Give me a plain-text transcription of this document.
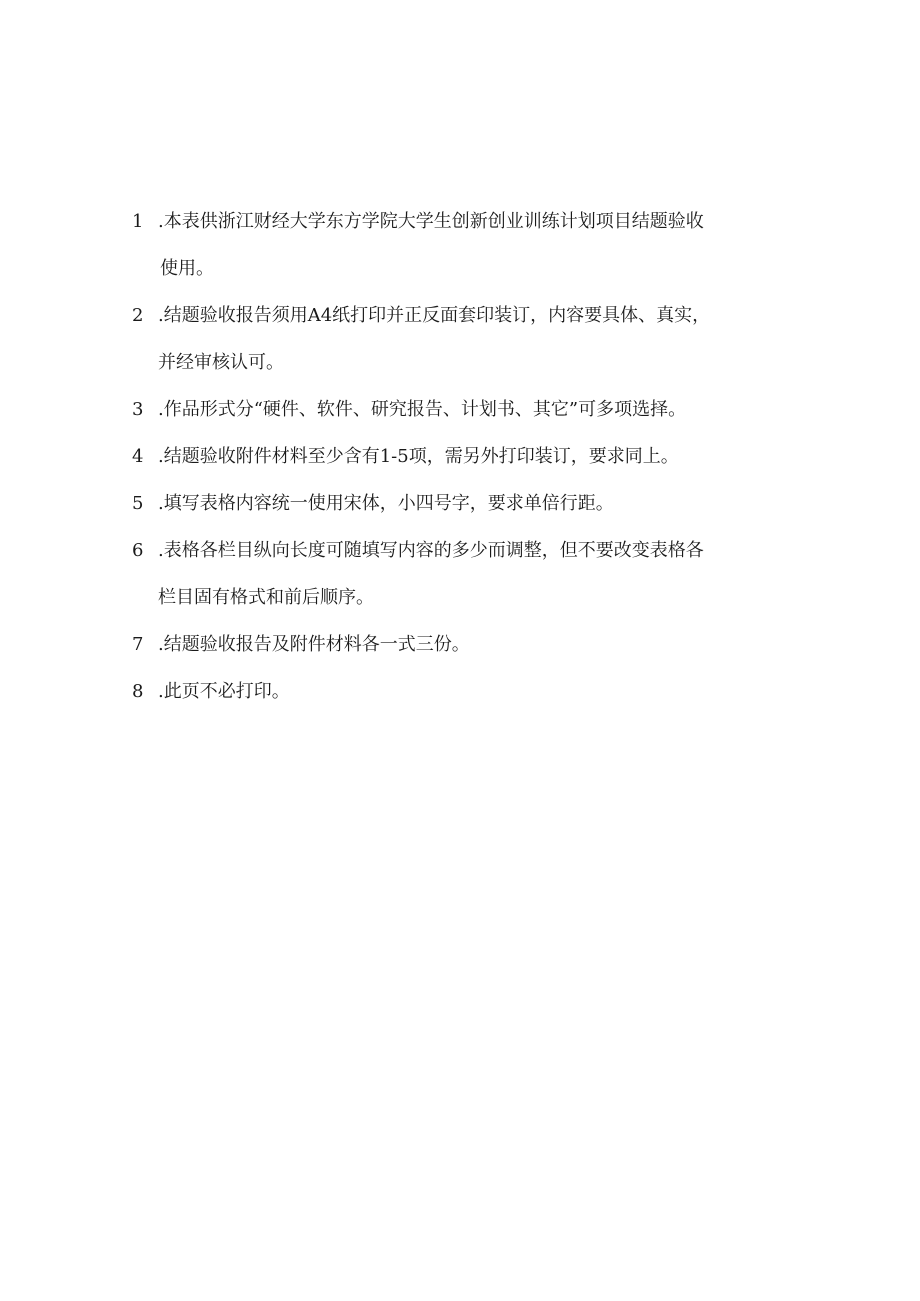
1 .本表供浙江财经大学东方学院大学生创新创业训练计划项目结题验收
使用。
2 .结题验收报告须用A4纸打印并正反面套印装订，内容要具体、真实，
并经审核认可。
3 .作品形式分“硬件、软件、研究报告、计划书、其它”可多项选择。
4 .结题验收附件材料至少含有1-5项，需另外打印装订，要求同上。
5 .填写表格内容统一使用宋体，小四号字，要求单倍行距。
6 .表格各栏目纵向长度可随填写内容的多少而调整，但不要改变表格各
栏目固有格式和前后顺序。
7 .结题验收报告及附件材料各一式三份。
8 .此页不必打印。
